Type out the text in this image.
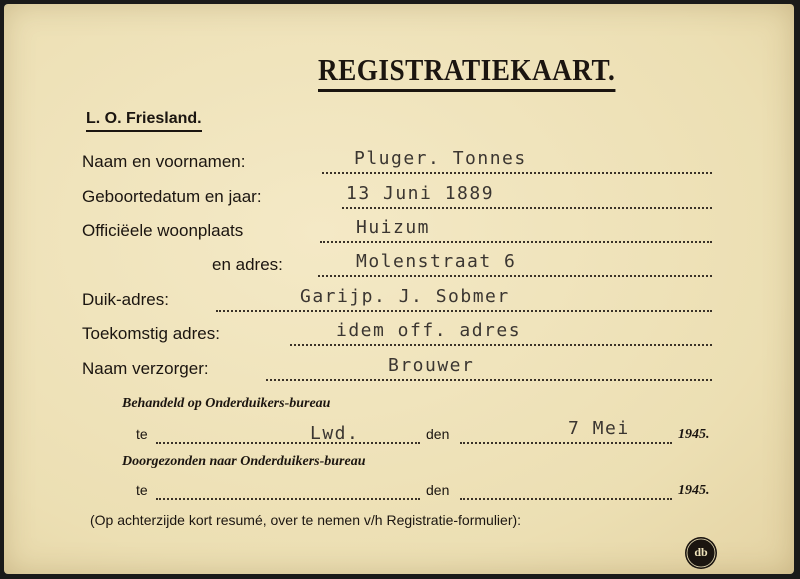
REGISTRATIEKAART.
L. O. Friesland.
Naam en voornamen:	Pluger. Tonnes
Geboortedatum en jaar:	13 Juni 1889
Officiëele woonplaats	Huizum
en adres:	Molenstraat 6
Duik-adres:	Garijp. J. Sobmer
Toekomstig adres:	idem off. adres
Naam verzorger:	Brouwer
Behandeld op Onderduikers-bureau
te	Lwd.	den	7 Mei	1945.
Doorgezonden naar Onderduikers-bureau
te	den	1945.
(Op achterzijde kort resumé, over te nemen v/h Registratie-formulier):
db
